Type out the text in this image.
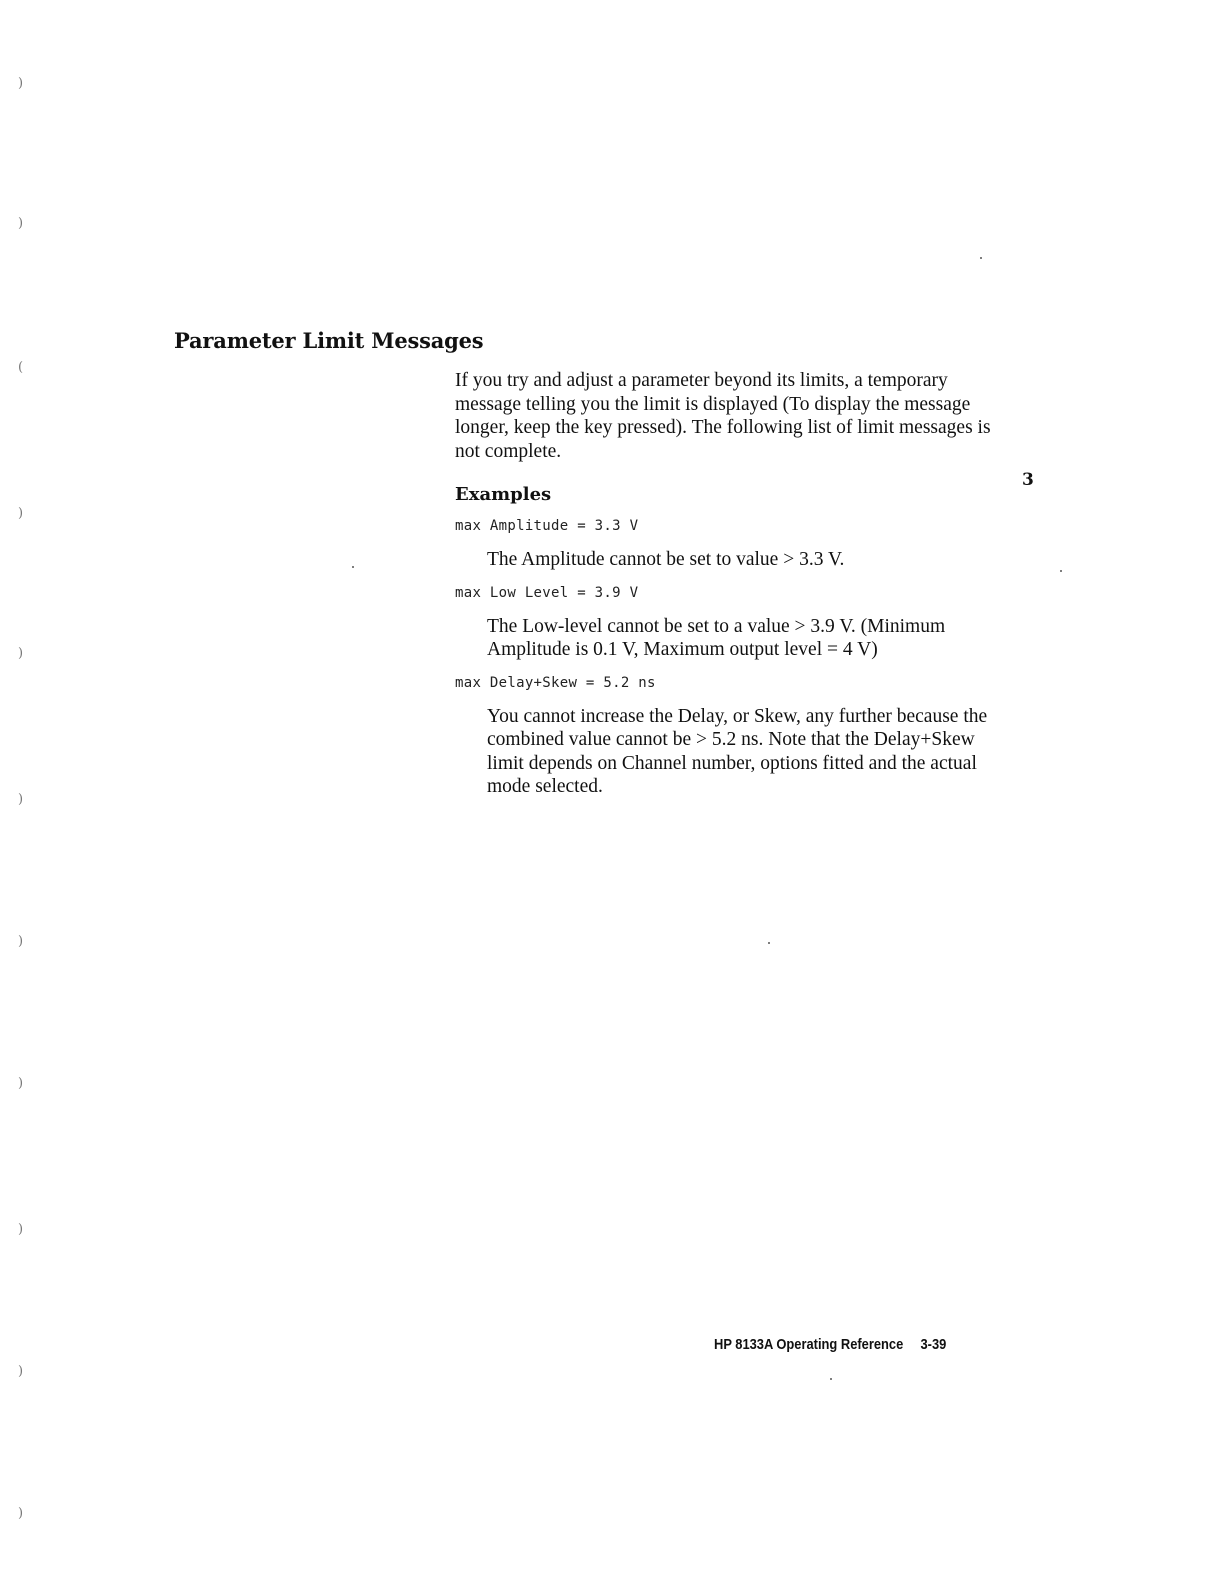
Parameter Limit Messages
3

If you try and adjust a parameter beyond its limits, a temporary message telling you the limit is displayed (To display the message longer, keep the key pressed). The following list of limit messages is not complete.

Examples
max Amplitude = 3.3 V

The Amplitude cannot be set to value > 3.3 V.

max Low Level = 3.9 V

The Low-level cannot be set to a value > 3.9 V. (Minimum Amplitude is 0.1 V, Maximum output level = 4 V)

max Delay+Skew = 5.2 ns

You cannot increase the Delay, or Skew, any further because the combined value cannot be > 5.2 ns. Note that the Delay+Skew limit depends on Channel number, options fitted and the actual mode selected.

HP 8133A Operating Reference 3-39
)
)
(
)
)
)
)
)
)
)
)
